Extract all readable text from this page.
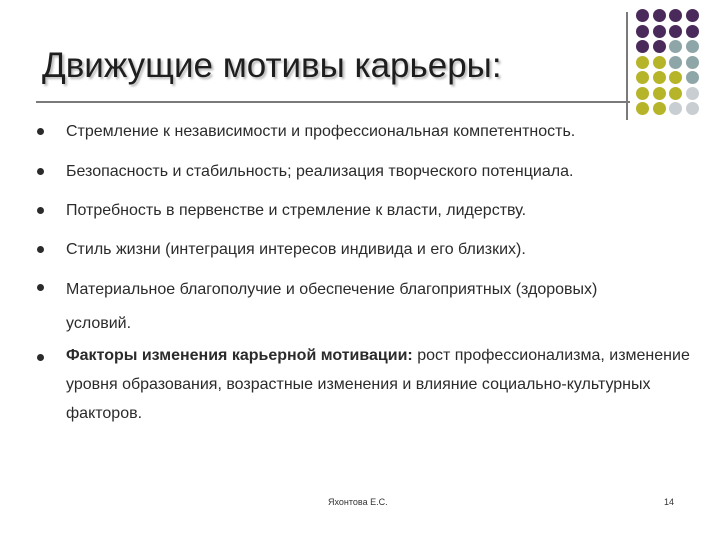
Движущие мотивы карьеры:
Стремление к независимости и профессиональная компетентность.
Безопасность и стабильность; реализация творческого потенциала.
Потребность в первенстве и стремление к власти, лидерству.
Стиль жизни (интеграция интересов индивида и его близких).
Материальное благополучие и обеспечение благоприятных (здоровых) условий.
Факторы изменения карьерной мотивации: рост профессионализма, изменение уровня образования, возрастные изменения и влияние социально-культурных факторов.
Яхонтова Е.С.	14
